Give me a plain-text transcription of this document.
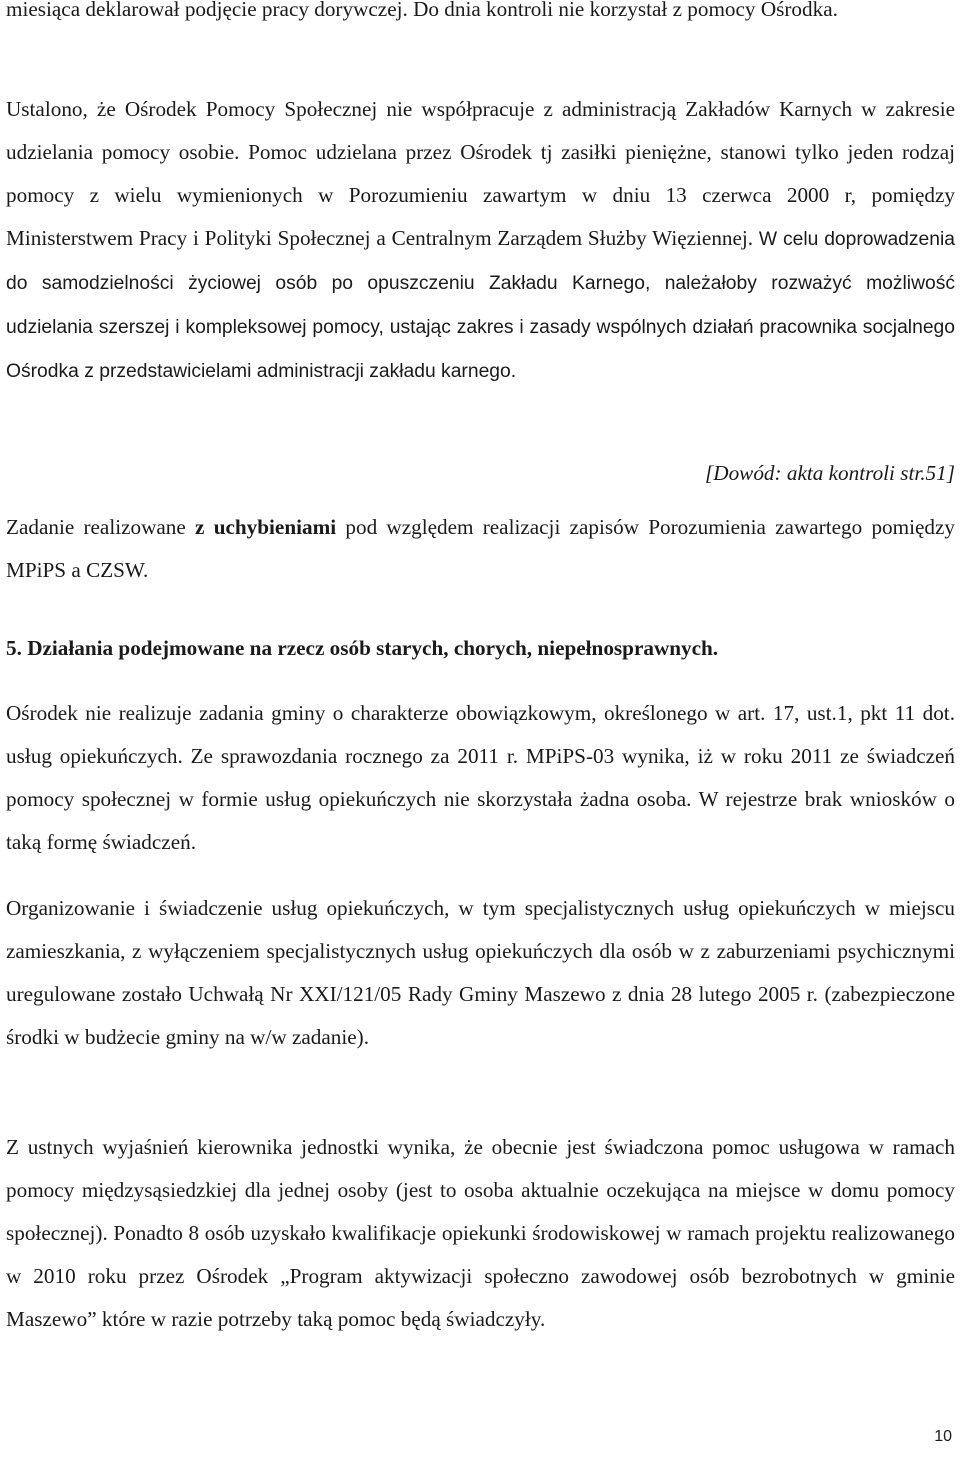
miesiąca deklarował podjęcie pracy dorywczej. Do dnia kontroli nie korzystał z pomocy Ośrodka.

Ustalono, że Ośrodek Pomocy Społecznej nie współpracuje z administracją Zakładów Karnych w zakresie udzielania pomocy osobie. Pomoc udzielana przez Ośrodek tj zasiłki pieniężne, stanowi tylko jeden rodzaj pomocy z wielu wymienionych w Porozumieniu zawartym w dniu 13 czerwca 2000 r, pomiędzy Ministerstwem Pracy i Polityki Społecznej a Centralnym Zarządem Służby Więziennej. W celu doprowadzenia do samodzielności życiowej osób po opuszczeniu Zakładu Karnego, należałoby rozważyć możliwość udzielania szerszej i kompleksowej pomocy, ustając zakres i zasady wspólnych działań pracownika socjalnego Ośrodka z przedstawicielami administracji zakładu karnego.

[Dowód: akta kontroli str.51]

Zadanie realizowane z uchybieniami pod względem realizacji zapisów Porozumienia zawartego pomiędzy MPiPS a CZSW.

5. Działania podejmowane na rzecz osób starych, chorych, niepełnosprawnych.

Ośrodek nie realizuje zadania gminy o charakterze obowiązkowym, określonego w art. 17, ust.1, pkt 11 dot. usług opiekuńczych. Ze sprawozdania rocznego za 2011 r. MPiPS-03 wynika, iż w roku 2011 ze świadczeń pomocy społecznej w formie usług opiekuńczych nie skorzystała żadna osoba. W rejestrze brak wniosków o taką formę świadczeń.

Organizowanie i świadczenie usług opiekuńczych, w tym specjalistycznych usług opiekuńczych w miejscu zamieszkania, z wyłączeniem specjalistycznych usług opiekuńczych dla osób w z zaburzeniami psychicznymi uregulowane zostało Uchwałą Nr XXI/121/05 Rady Gminy Maszewo z dnia 28 lutego 2005 r. (zabezpieczone środki w budżecie gminy na w/w zadanie).

Z ustnych wyjaśnień kierownika jednostki wynika, że obecnie jest świadczona pomoc usługowa w ramach pomocy międzysąsiedzkiej dla jednej osoby (jest to osoba aktualnie oczekująca na miejsce w domu pomocy społecznej). Ponadto 8 osób uzyskało kwalifikacje opiekunki środowiskowej w ramach projektu realizowanego w 2010 roku przez Ośrodek „Program aktywizacji społeczno zawodowej osób bezrobotnych w gminie Maszewo” które w razie potrzeby taką pomoc będą świadczyły.

10
